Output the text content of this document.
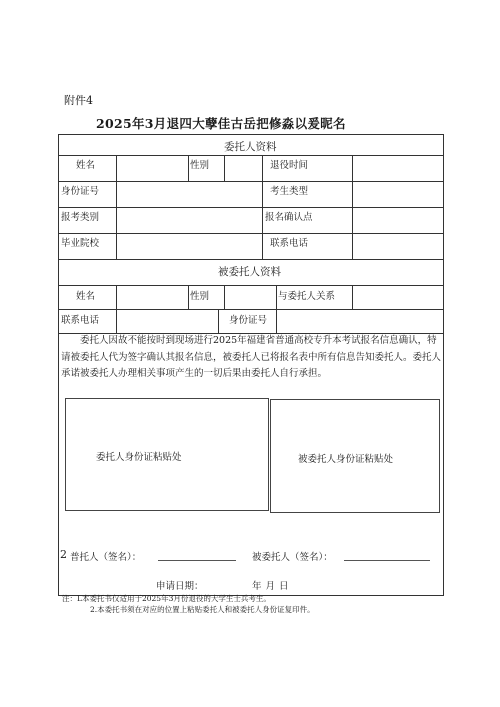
附件4
2025年3月退四大孽佳古岳把修淼以爰昵名
委托人资料
姓名	性别	退役时间
身份证号	考生类型
报考类别	报名确认点
毕业院校	联系电话
被委托人资料
姓名	性别	与委托人关系
联系电话	身份证号
委托人因故不能按时到现场进行2025年福建省普通高校专升本考试报名信息确认，特请被委托人代为签字确认其报名信息，被委托人已将报名表中所有信息告知委托人。委托人承诺被委托人办理相关事项产生的一切后果由委托人自行承担。
委托人身份证粘贴处	被委托人身份证粘贴处
2 普托人（签名）：	被委托人（签名）：
申请日期：	年月日
注：L本委托书仅适用于2025年3月份退役的大学生士兵考生。
2.本委托书须在对应的位置上粘贴委托人和被委托人身份证复印件。
